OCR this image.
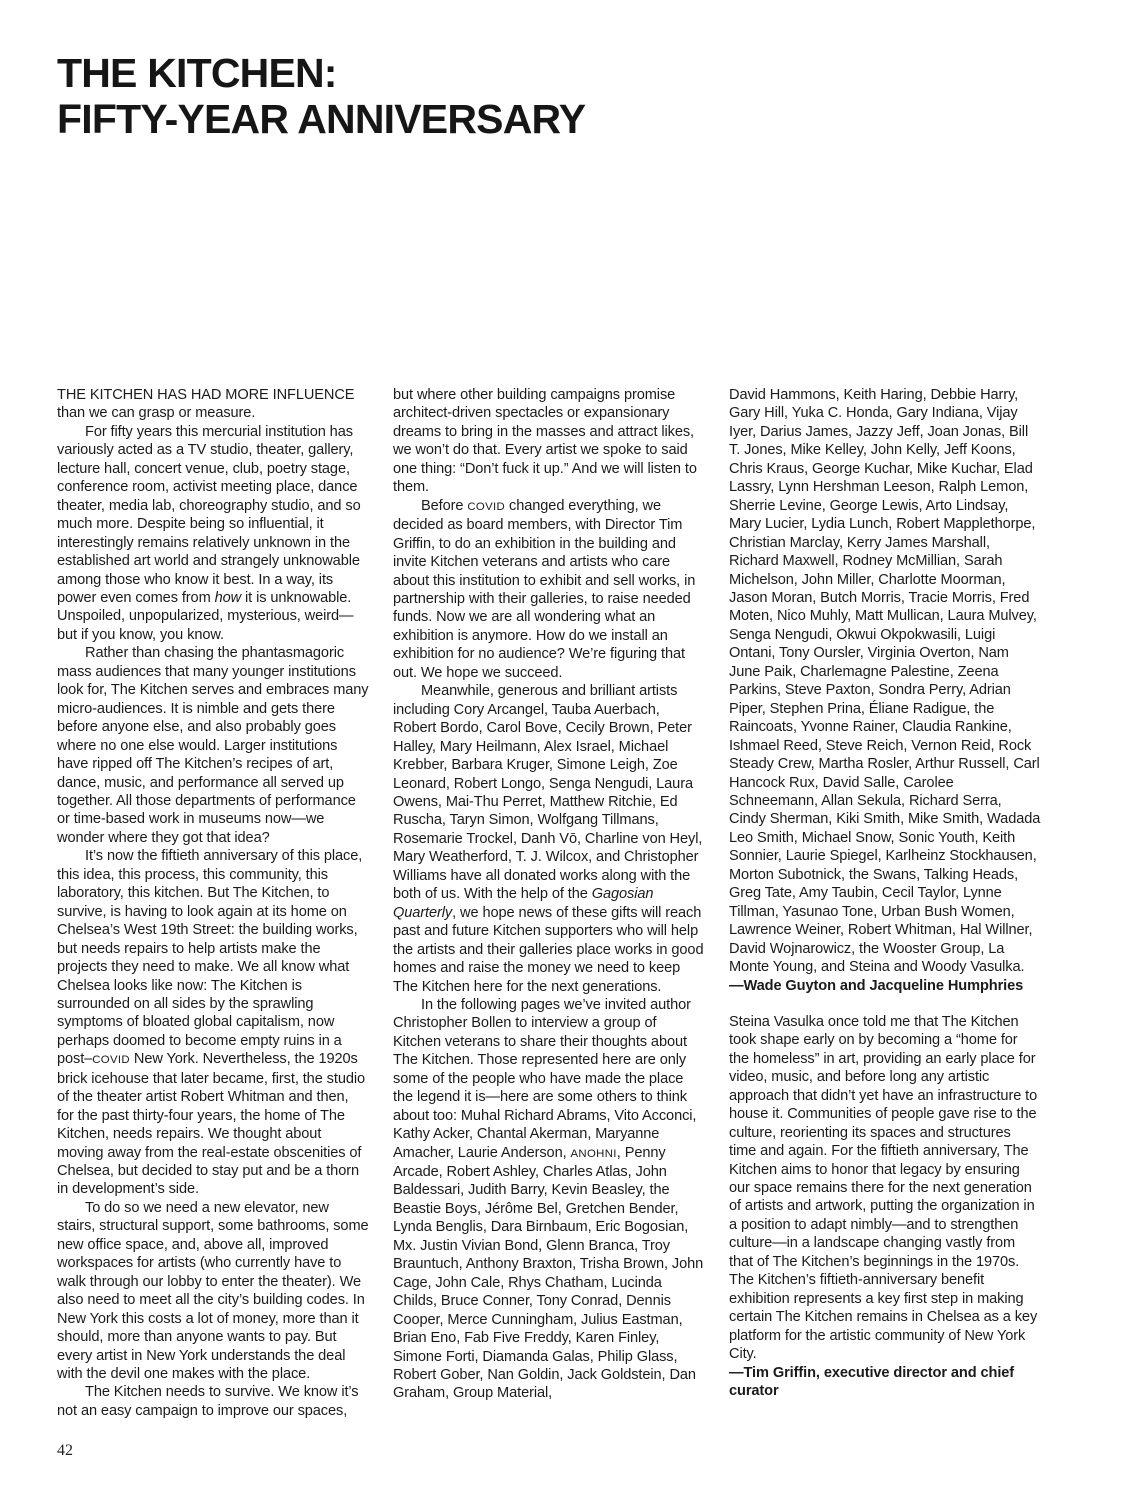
THE KITCHEN:
FIFTY-YEAR ANNIVERSARY

THE KITCHEN HAS HAD MORE INFLUENCE than we can grasp or measure.

For fifty years this mercurial institution has variously acted as a TV studio, theater, gallery, lecture hall, concert venue, club, poetry stage, conference room, activist meeting place, dance theater, media lab, choreography studio, and so much more. Despite being so influential, it interestingly remains relatively unknown in the established art world and strangely unknowable among those who know it best. In a way, its power even comes from how it is unknowable. Unspoiled, unpopularized, mysterious, weird—but if you know, you know.

Rather than chasing the phantasmagoric mass audiences that many younger institutions look for, The Kitchen serves and embraces many micro-audiences. It is nimble and gets there before anyone else, and also probably goes where no one else would. Larger institutions have ripped off The Kitchen’s recipes of art, dance, music, and performance all served up together. All those departments of performance or time-based work in museums now—we wonder where they got that idea?

It’s now the fiftieth anniversary of this place, this idea, this process, this community, this laboratory, this kitchen. But The Kitchen, to survive, is having to look again at its home on Chelsea’s West 19th Street: the building works, but needs repairs to help artists make the projects they need to make. We all know what Chelsea looks like now: The Kitchen is surrounded on all sides by the sprawling symptoms of bloated global capitalism, now perhaps doomed to become empty ruins in a post–COVID New York. Nevertheless, the 1920s brick icehouse that later became, first, the studio of the theater artist Robert Whitman and then, for the past thirty-four years, the home of The Kitchen, needs repairs. We thought about moving away from the real-estate obscenities of Chelsea, but decided to stay put and be a thorn in development’s side.

To do so we need a new elevator, new stairs, structural support, some bathrooms, some new office space, and, above all, improved workspaces for artists (who currently have to walk through our lobby to enter the theater). We also need to meet all the city’s building codes. In New York this costs a lot of money, more than it should, more than anyone wants to pay. But every artist in New York understands the deal with the devil one makes with the place.

The Kitchen needs to survive. We know it’s not an easy campaign to improve our spaces,

but where other building campaigns promise architect-driven spectacles or expansionary dreams to bring in the masses and attract likes, we won’t do that. Every artist we spoke to said one thing: “Don’t fuck it up.” And we will listen to them.

Before COVID changed everything, we decided as board members, with Director Tim Griffin, to do an exhibition in the building and invite Kitchen veterans and artists who care about this institution to exhibit and sell works, in partnership with their galleries, to raise needed funds. Now we are all wondering what an exhibition is anymore. How do we install an exhibition for no audience? We’re figuring that out. We hope we succeed.

Meanwhile, generous and brilliant artists including Cory Arcangel, Tauba Auerbach, Robert Bordo, Carol Bove, Cecily Brown, Peter Halley, Mary Heilmann, Alex Israel, Michael Krebber, Barbara Kruger, Simone Leigh, Zoe Leonard, Robert Longo, Senga Nengudi, Laura Owens, Mai-Thu Perret, Matthew Ritchie, Ed Ruscha, Taryn Simon, Wolfgang Tillmans, Rosemarie Trockel, Danh Vō, Charline von Heyl, Mary Weatherford, T. J. Wilcox, and Christopher Williams have all donated works along with the both of us. With the help of the Gagosian Quarterly, we hope news of these gifts will reach past and future Kitchen supporters who will help the artists and their galleries place works in good homes and raise the money we need to keep The Kitchen here for the next generations.

In the following pages we’ve invited author Christopher Bollen to interview a group of Kitchen veterans to share their thoughts about The Kitchen. Those represented here are only some of the people who have made the place the legend it is—here are some others to think about too: Muhal Richard Abrams, Vito Acconci, Kathy Acker, Chantal Akerman, Maryanne Amacher, Laurie Anderson, ANOHNI, Penny Arcade, Robert Ashley, Charles Atlas, John Baldessari, Judith Barry, Kevin Beasley, the Beastie Boys, Jérôme Bel, Gretchen Bender, Lynda Benglis, Dara Birnbaum, Eric Bogosian, Mx. Justin Vivian Bond, Glenn Branca, Troy Brauntuch, Anthony Braxton, Trisha Brown, John Cage, John Cale, Rhys Chatham, Lucinda Childs, Bruce Conner, Tony Conrad, Dennis Cooper, Merce Cunningham, Julius Eastman, Brian Eno, Fab Five Freddy, Karen Finley, Simone Forti, Diamanda Galas, Philip Glass, Robert Gober, Nan Goldin, Jack Goldstein, Dan Graham, Group Material,

David Hammons, Keith Haring, Debbie Harry, Gary Hill, Yuka C. Honda, Gary Indiana, Vijay Iyer, Darius James, Jazzy Jeff, Joan Jonas, Bill T. Jones, Mike Kelley, John Kelly, Jeff Koons, Chris Kraus, George Kuchar, Mike Kuchar, Elad Lassry, Lynn Hershman Leeson, Ralph Lemon, Sherrie Levine, George Lewis, Arto Lindsay, Mary Lucier, Lydia Lunch, Robert Mapplethorpe, Christian Marclay, Kerry James Marshall, Richard Maxwell, Rodney McMillian, Sarah Michelson, John Miller, Charlotte Moorman, Jason Moran, Butch Morris, Tracie Morris, Fred Moten, Nico Muhly, Matt Mullican, Laura Mulvey, Senga Nengudi, Okwui Okpokwasili, Luigi Ontani, Tony Oursler, Virginia Overton, Nam June Paik, Charlemagne Palestine, Zeena Parkins, Steve Paxton, Sondra Perry, Adrian Piper, Stephen Prina, Éliane Radigue, the Raincoats, Yvonne Rainer, Claudia Rankine, Ishmael Reed, Steve Reich, Vernon Reid, Rock Steady Crew, Martha Rosler, Arthur Russell, Carl Hancock Rux, David Salle, Carolee Schneemann, Allan Sekula, Richard Serra, Cindy Sherman, Kiki Smith, Mike Smith, Wadada Leo Smith, Michael Snow, Sonic Youth, Keith Sonnier, Laurie Spiegel, Karlheinz Stockhausen, Morton Subotnick, the Swans, Talking Heads, Greg Tate, Amy Taubin, Cecil Taylor, Lynne Tillman, Yasunao Tone, Urban Bush Women, Lawrence Weiner, Robert Whitman, Hal Willner, David Wojnarowicz, the Wooster Group, La Monte Young, and Steina and Woody Vasulka.

—Wade Guyton and Jacqueline Humphries

Steina Vasulka once told me that The Kitchen took shape early on by becoming a “home for the homeless” in art, providing an early place for video, music, and before long any artistic approach that didn’t yet have an infrastructure to house it. Communities of people gave rise to the culture, reorienting its spaces and structures time and again. For the fiftieth anniversary, The Kitchen aims to honor that legacy by ensuring our space remains there for the next generation of artists and artwork, putting the organization in a position to adapt nimbly—and to strengthen culture—in a landscape changing vastly from that of The Kitchen’s beginnings in the 1970s. The Kitchen’s fiftieth-anniversary benefit exhibition represents a key first step in making certain The Kitchen remains in Chelsea as a key platform for the artistic community of New York City.

—Tim Griffin, executive director and chief curator

42
